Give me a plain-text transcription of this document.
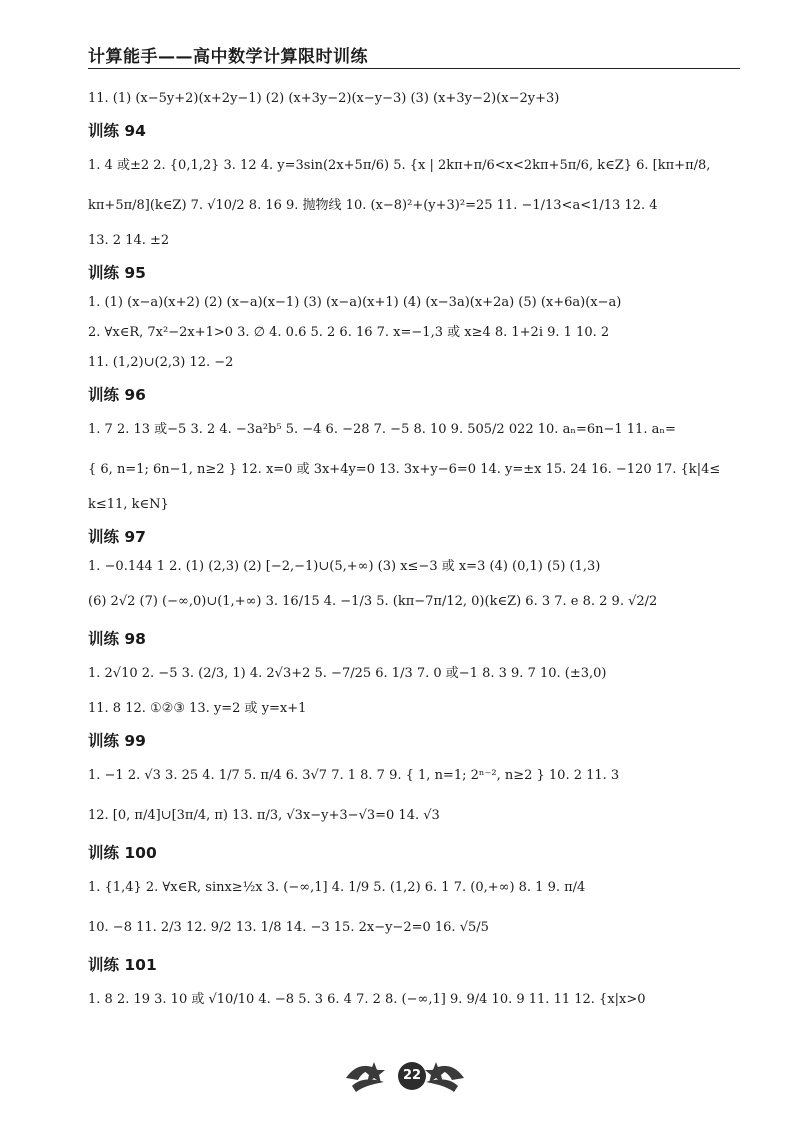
计算能手——高中数学计算限时训练
11. (1) (x−5y+2)(x+2y−1) (2) (x+3y−2)(x−y−3) (3) (x+3y−2)(x−2y+3)
训练 94
1. 4 或±2 2. {0,1,2} 3. 12 4. y=3sin(2x+5π/6) 5. {x | 2kπ+π/6<x<2kπ+5π/6, k∈Z} 6. [kπ+π/8,
kπ+5π/8](k∈Z) 7. √10/2 8. 16 9. 抛物线 10. (x−8)²+(y+3)²=25 11. −1/13<a<1/13 12. 4
13. 2 14. ±2
训练 95
1. (1) (x−a)(x+2) (2) (x−a)(x−1) (3) (x−a)(x+1) (4) (x−3a)(x+2a) (5) (x+6a)(x−a)
2. ∀x∈R, 7x²−2x+1>0 3. ∅ 4. 0.6 5. 2 6. 16 7. x=−1,3 或 x≥4 8. 1+2i 9. 1 10. 2
11. (1,2)∪(2,3) 12. −2
训练 96
1. 7 2. 13 或−5 3. 2 4. −3a²b⁵ 5. −4 6. −28 7. −5 8. 10 9. 505/2 022 10. aₙ=6n−1 11. aₙ=
{ 6, n=1; 6n−1, n≥2 } 12. x=0 或 3x+4y=0 13. 3x+y−6=0 14. y=±x 15. 24 16. −120 17. {k|4≤
k≤11, k∈N}
训练 97
1. −0.144 1 2. (1) (2,3) (2) [−2,−1)∪(5,+∞) (3) x≤−3 或 x=3 (4) (0,1) (5) (1,3)
(6) 2√2 (7) (−∞,0)∪(1,+∞) 3. 16/15 4. −1/3 5. (kπ−7π/12, 0)(k∈Z) 6. 3 7. e 8. 2 9. √2/2
训练 98
1. 2√10 2. −5 3. (2/3, 1) 4. 2√3+2 5. −7/25 6. 1/3 7. 0 或−1 8. 3 9. 7 10. (±3,0)
11. 8 12. ①②③ 13. y=2 或 y=x+1
训练 99
1. −1 2. √3 3. 25 4. 1/7 5. π/4 6. 3√7 7. 1 8. 7 9. { 1, n=1; 2ⁿ⁻², n≥2 } 10. 2 11. 3
12. [0, π/4]∪[3π/4, π) 13. π/3, √3x−y+3−√3=0 14. √3
训练 100
1. {1,4} 2. ∀x∈R, sinx≥½x 3. (−∞,1] 4. 1/9 5. (1,2) 6. 1 7. (0,+∞) 8. 1 9. π/4
10. −8 11. 2/3 12. 9/2 13. 1/8 14. −3 15. 2x−y−2=0 16. √5/5
训练 101
1. 8 2. 19 3. 10 或 √10/10 4. −8 5. 3 6. 4 7. 2 8. (−∞,1] 9. 9/4 10. 9 11. 11 12. {x|x>0
22
